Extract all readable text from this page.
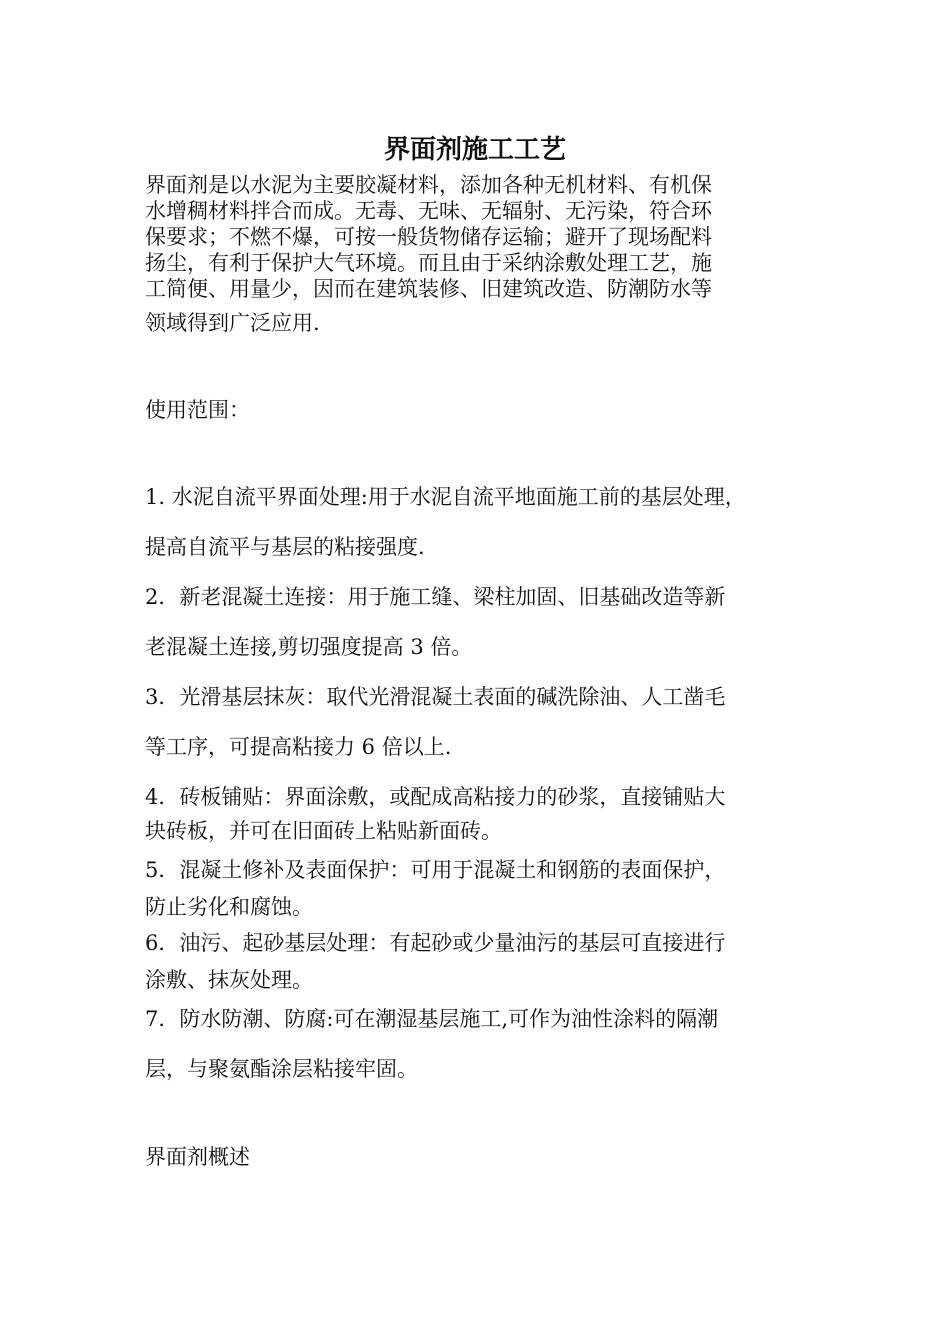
界面剂施工工艺
界面剂是以水泥为主要胶凝材料，添加各种无机材料、有机保
水增稠材料拌合而成。无毒、无味、无辐射、无污染，符合环
保要求；不燃不爆，可按一般货物储存运输；避开了现场配料
扬尘，有利于保护大气环境。而且由于采纳涂敷处理工艺，施
工简便、用量少，因而在建筑装修、旧建筑改造、防潮防水等
领域得到广泛应用.
使用范围：
1. 水泥自流平界面处理:用于水泥自流平地面施工前的基层处理，
提高自流平与基层的粘接强度.
2．新老混凝土连接：用于施工缝、梁柱加固、旧基础改造等新
老混凝土连接,剪切强度提高 3 倍。
3．光滑基层抹灰：取代光滑混凝土表面的碱洗除油、人工凿毛
等工序，可提高粘接力 6 倍以上.
4．砖板铺贴：界面涂敷，或配成高粘接力的砂浆，直接铺贴大
块砖板，并可在旧面砖上粘贴新面砖。
5．混凝土修补及表面保护：可用于混凝土和钢筋的表面保护，
防止劣化和腐蚀。
6．油污、起砂基层处理：有起砂或少量油污的基层可直接进行
涂敷、抹灰处理。
7．防水防潮、防腐:可在潮湿基层施工,可作为油性涂料的隔潮
层，与聚氨酯涂层粘接牢固。
界面剂概述
